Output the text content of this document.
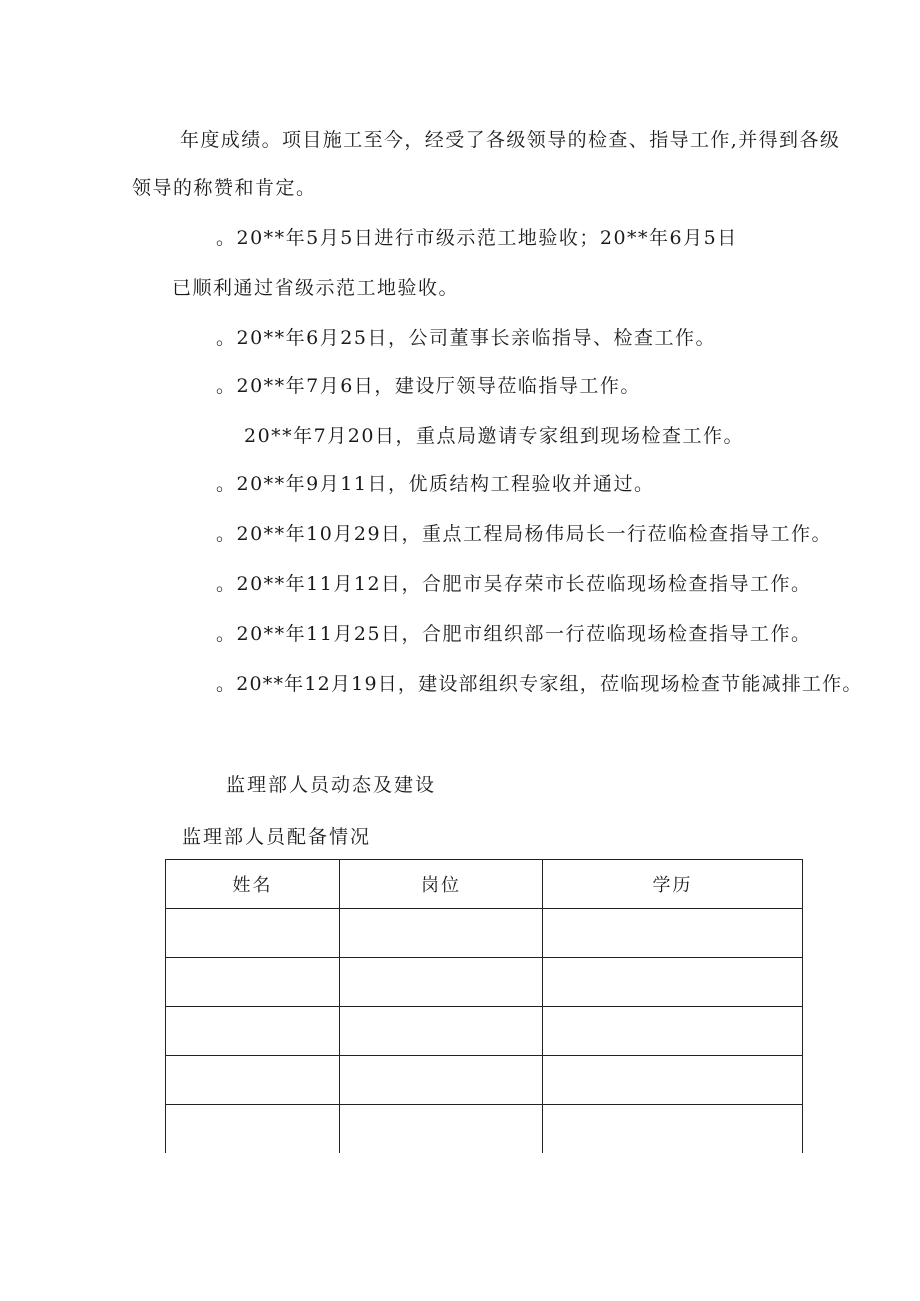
年度成绩。项目施工至今，经受了各级领导的检查、指导工作,并得到各级

领导的称赞和肯定。

。20**年5月5日进行市级示范工地验收；20**年6月5日

已顺利通过省级示范工地验收。

。20**年6月25日，公司董事长亲临指导、检查工作。

。20**年7月6日，建设厅领导莅临指导工作。

20**年7月20日，重点局邀请专家组到现场检查工作。

。20**年9月11日，优质结构工程验收并通过。

。20**年10月29日，重点工程局杨伟局长一行莅临检查指导工作。

。20**年11月12日，合肥市吴存荣市长莅临现场检查指导工作。

。20**年11月25日，合肥市组织部一行莅临现场检查指导工作。

。20**年12月19日，建设部组织专家组，莅临现场检查节能减排工作。

监理部人员动态及建设
监理部人员配备情况
姓名	岗位	学历
